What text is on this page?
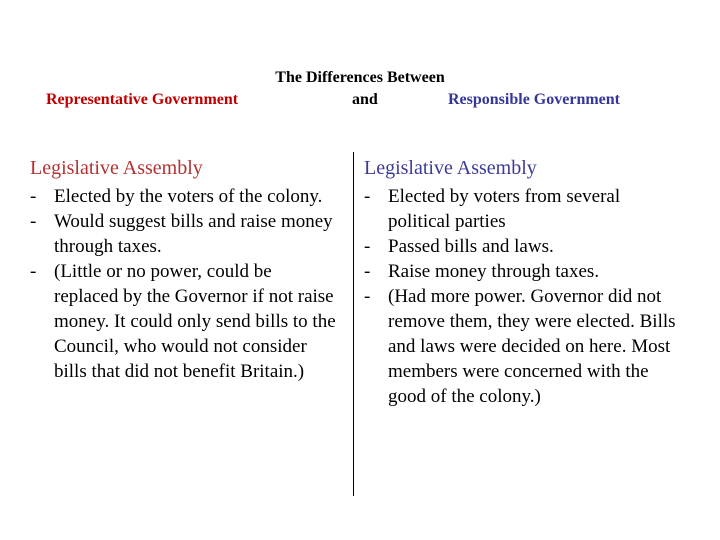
The Differences Between
Representative Government	and	Responsible Government
Legislative Assembly
- Elected by the voters of the colony.
- Would suggest bills and raise money through taxes.
- (Little or no power, could be replaced by the Governor if not raise money. It could only send bills to the Council, who would not consider bills that did not benefit Britain.)
Legislative Assembly
- Elected by voters from several political parties
- Passed bills and laws.
- Raise money through taxes.
- (Had more power. Governor did not remove them, they were elected. Bills and laws were decided on here. Most members were concerned with the good of the colony.)
